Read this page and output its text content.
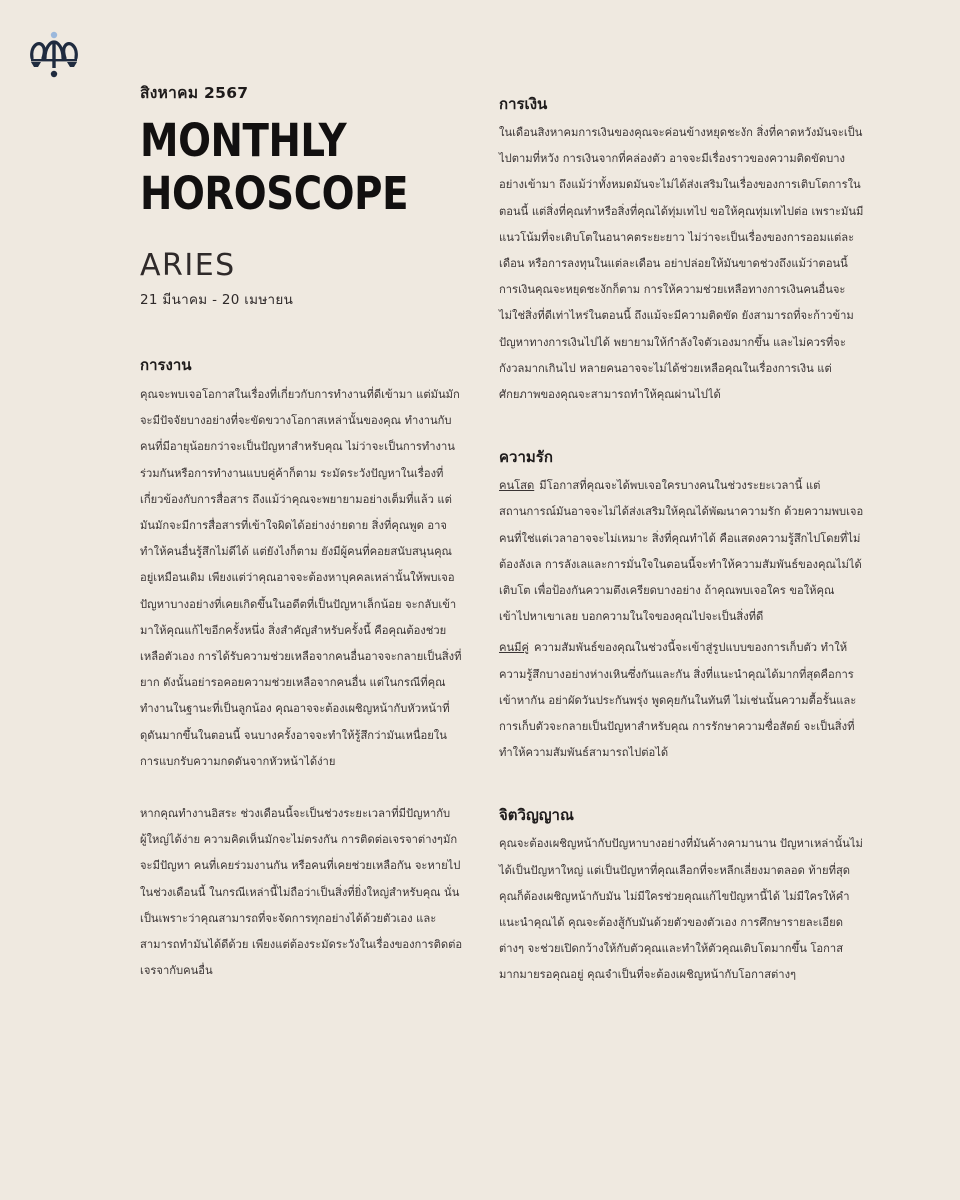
สิงหาคม 2567
MONTHLY
HOROSCOPE
ARIES
21 มีนาคม - 20 เมษายน
การงาน

คุณจะพบเจอโอกาสในเรื่องที่เกี่ยวกับการทำงานที่ดีเข้ามา แต่มันมักจะมีปัจจัยบางอย่างที่จะขัดขวางโอกาสเหล่านั้นของคุณ ทำงานกับคนที่มีอายุน้อยกว่าจะเป็นปัญหาสำหรับคุณ ไม่ว่าจะเป็นการทำงานร่วมกันหรือการทำงานแบบคู่ค้าก็ตาม ระมัดระวังปัญหาในเรื่องที่เกี่ยวข้องกับการสื่อสาร ถึงแม้ว่าคุณจะพยายามอย่างเต็มที่แล้ว แต่มันมักจะมีการสื่อสารที่เข้าใจผิดได้อย่างง่ายดาย สิ่งที่คุณพูด อาจทำให้คนอื่นรู้สึกไม่ดีได้ แต่ยังไงก็ตาม ยังมีผู้คนที่คอยสนับสนุนคุณอยู่เหมือนเดิม เพียงแต่ว่าคุณอาจจะต้องหาบุคคลเหล่านั้นให้พบเจอ ปัญหาบางอย่างที่เคยเกิดขึ้นในอดีตที่เป็นปัญหาเล็กน้อย จะกลับเข้ามาให้คุณแก้ไขอีกครั้งหนึ่ง สิ่งสำคัญสำหรับครั้งนี้ คือคุณต้องช่วยเหลือตัวเอง การได้รับความช่วยเหลือจากคนอื่นอาจจะกลายเป็นสิ่งที่ยาก ดังนั้นอย่ารอคอยความช่วยเหลือจากคนอื่น แต่ในกรณีที่คุณทำงานในฐานะที่เป็นลูกน้อง คุณอาจจะต้องเผชิญหน้ากับหัวหน้าที่ดุดันมากขึ้นในตอนนี้ จนบางครั้งอาจจะทำให้รู้สึกว่ามันเหนื่อยในการแบกรับความกดดันจากหัวหน้าได้ง่าย

หากคุณทำงานอิสระ ช่วงเดือนนี้จะเป็นช่วงระยะเวลาที่มีปัญหากับผู้ใหญ่ได้ง่าย ความคิดเห็นมักจะไม่ตรงกัน การติดต่อเจรจาต่างๆมักจะมีปัญหา คนที่เคยร่วมงานกัน หรือคนที่เคยช่วยเหลือกัน จะหายไปในช่วงเดือนนี้ ในกรณีเหล่านี้ไม่ถือว่าเป็นสิ่งที่ยิ่งใหญ่สำหรับคุณ นั่นเป็นเพราะว่าคุณสามารถที่จะจัดการทุกอย่างได้ด้วยตัวเอง และสามารถทำมันได้ดีด้วย เพียงแต่ต้องระมัดระวังในเรื่องของการติดต่อเจรจากับคนอื่น

การเงิน

ในเดือนสิงหาคมการเงินของคุณจะค่อนข้างหยุดชะงัก สิ่งที่คาดหวังมันจะเป็นไปตามที่หวัง การเงินจากที่คล่องตัว อาจจะมีเรื่องราวของความติดขัดบางอย่างเข้ามา ถึงแม้ว่าทั้งหมดมันจะไม่ได้ส่งเสริมในเรื่องของการเติบโตการในตอนนี้ แต่สิ่งที่คุณทำหรือสิ่งที่คุณได้ทุ่มเทไป ขอให้คุณทุ่มเทไปต่อ เพราะมันมีแนวโน้มที่จะเติบโตในอนาคตระยะยาว ไม่ว่าจะเป็นเรื่องของการออมแต่ละเดือน หรือการลงทุนในแต่ละเดือน อย่าปล่อยให้มันขาดช่วงถึงแม้ว่าตอนนี้การเงินคุณจะหยุดชะงักก็ตาม การให้ความช่วยเหลือทางการเงินคนอื่นจะไม่ใช่สิ่งที่ดีเท่าไหร่ในตอนนี้ ถึงแม้จะมีความติดขัด ยังสามารถที่จะก้าวข้ามปัญหาทางการเงินไปได้ พยายามให้กำลังใจตัวเองมากขึ้น และไม่ควรที่จะกังวลมากเกินไป หลายคนอาจจะไม่ได้ช่วยเหลือคุณในเรื่องการเงิน แต่ศักยภาพของคุณจะสามารถทำให้คุณผ่านไปได้

ความรัก

คนโสด มีโอกาสที่คุณจะได้พบเจอใครบางคนในช่วงระยะเวลานี้ แต่สถานการณ์มันอาจจะไม่ได้ส่งเสริมให้คุณได้พัฒนาความรัก ด้วยความพบเจอคนที่ใช่แต่เวลาอาจจะไม่เหมาะ สิ่งที่คุณทำได้ คือแสดงความรู้สึกไปโดยที่ไม่ต้องลังเล การลังเลและการมั่นใจในตอนนี้จะทำให้ความสัมพันธ์ของคุณไม่ได้เติบโต เพื่อป้องกันความตึงเครียดบางอย่าง ถ้าคุณพบเจอใคร ขอให้คุณเข้าไปหาเขาเลย บอกความในใจของคุณไปจะเป็นสิ่งที่ดี

คนมีคู่ ความสัมพันธ์ของคุณในช่วงนี้จะเข้าสู่รูปแบบของการเก็บตัว ทำให้ความรู้สึกบางอย่างห่างเหินซึ่งกันและกัน สิ่งที่แนะนำคุณได้มากที่สุดคือการเข้าหากัน อย่าผัดวันประกันพรุ่ง พูดคุยกันในทันที ไม่เช่นนั้นความตื้อรั้นและการเก็บตัวจะกลายเป็นปัญหาสำหรับคุณ การรักษาความซื่อสัตย์ จะเป็นสิ่งที่ทำให้ความสัมพันธ์สามารถไปต่อได้

จิตวิญญาณ

คุณจะต้องเผชิญหน้ากับปัญหาบางอย่างที่มันค้างคามานาน ปัญหาเหล่านั้นไม่ได้เป็นปัญหาใหญ่ แต่เป็นปัญหาที่คุณเลือกที่จะหลีกเลี่ยงมาตลอด ท้ายที่สุดคุณก็ต้องเผชิญหน้ากับมัน ไม่มีใครช่วยคุณแก้ไขปัญหานี้ได้ ไม่มีใครให้คำแนะนำคุณได้ คุณจะต้องสู้กับมันด้วยตัวของตัวเอง การศึกษารายละเอียดต่างๆ จะช่วยเปิดกว้างให้กับตัวคุณและทำให้ตัวคุณเติบโตมากขึ้น โอกาสมากมายรอคุณอยู่ คุณจำเป็นที่จะต้องเผชิญหน้ากับโอกาสต่างๆ
